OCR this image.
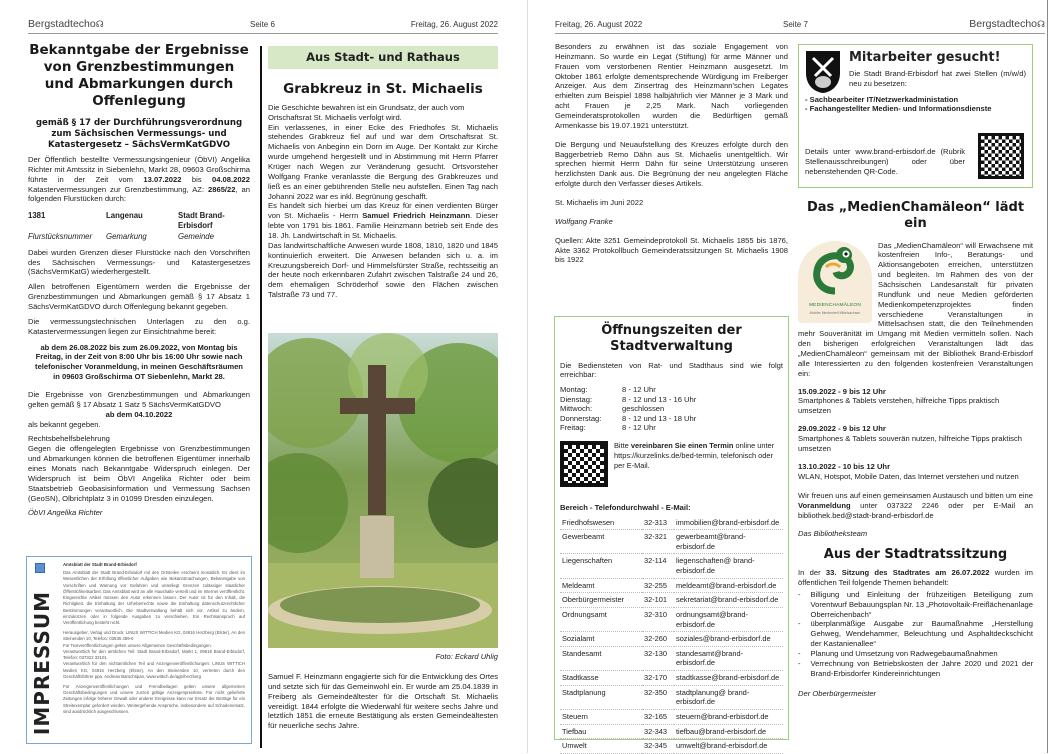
Bergstadtecho☊	Seite 6	Freitag, 26. August 2022
Bekanntgabe der Ergebnisse von Grenzbestimmungen und Abmarkungen durch Offenlegung
gemäß § 17 der Durchführungsverordnung zum Sächsischen Vermessungs- und Katastergesetz – SächsVermKatGDVO

Der Öffentlich bestellte Vermessungsingenieur (ÖbVI) Angelika Richter mit Amtssitz in Siebenlehn, Markt 28, 09603 Großschirma führte in der Zeit vom 13.07.2022 bis 04.08.2022 Katastervermessungen zur Grenzbestimmung, AZ: 2865/22, an folgenden Flurstücken durch:

1381	Langenau	Stadt Brand-Erbisdorf
Flurstücksnummer	Gemarkung	Gemeinde

Dabei wurden Grenzen dieser Flurstücke nach den Vorschriften des Sächsischen Vermessungs- und Katastergesetzes (SächsVermKatG) wiederhergestellt.

Allen betroffenen Eigentümern werden die Ergebnisse der Grenzbestimmungen und Abmarkungen gemäß § 17 Absatz 1 SächsVermKatGDVO durch Offenlegung bekannt gegeben.

Die vermessungstechnischen Unterlagen zu den o.g. Katastervermessungen liegen zur Einsichtnahme bereit:

ab dem 26.08.2022 bis zum 26.09.2022, von Montag bis Freitag, in der Zeit von 8:00 Uhr bis 16:00 Uhr sowie nach telefonischer Voranmeldung, in meinen Geschäftsräumen in 09603 Großschirma OT Siebenlehn, Markt 28.

Die Ergebnisse von Grenzbestimmungen und Abmarkungen gelten gemäß § 17 Absatz 1 Satz 5 SächsVermKatGDVO

ab dem 04.10.2022

als bekannt gegeben.

Rechtsbehelfsbelehrung

Gegen die offengelegten Ergebnisse von Grenzbestimmungen und Abmarkungen können die betroffenen Eigentümer innerhalb eines Monats nach Bekanntgabe Widerspruch einlegen. Der Widerspruch ist beim ÖbVI Angelika Richter oder beim Staatsbetrieb Geobasisinformation und Vermessung Sachsen (GeoSN), Olbrichtplatz 3 in 01099 Dresden einzulegen.

ÖbVI Angelika Richter

IMPRESSUM
Amtsblatt der Stadt Brand-Erbisdorf
Das Amtsblatt der Stadt Brand-Erbisdorf mit den Ortsteilen erscheint monatlich. Es dient im Wesentlichen der Erfüllung öffentlicher Aufgaben wie Bekanntmachungen, Bekanntgabe von Vorschriften und Warnung vor Gefahren und unterliegt Grenzen zulässiger staatlicher Öffentlichkeitsarbeit. Das Amtsblatt wird an alle Haushalte verteilt und im Internet veröffentlicht. Eingereichte Artikel müssen den Autor erkennen lassen. Der Autor ist für den Inhalt, die Richtigkeit, die Einhaltung der Urheberrechte sowie die Einhaltung datenschutzrechtlicher Bestimmungen verantwortlich. Die Stadtverwaltung behält sich vor, Artikel zu ändern, einzukürzen oder in folgende Ausgaben zu verschieben. Ein Rechtsanspruch auf Veröffentlichung besteht nicht.
Herausgeber, Verlag und Druck: LINUS WITTICH Medien KG, 04916 Herzberg (Elster), An den Steinenden 10, Telefon: 03535 489-0
Für Textveröffentlichungen gelten unsere Allgemeinen Geschäftsbedingungen.
Verantwortlich für den amtlichen Teil: Stadt Brand-Erbisdorf, Markt 1, 09618 Brand-Erbisdorf, Telefon: 037322 32101
Verantwortlich für den nichtamtlichen Teil und Anzeigenveröffentlichungen: LINUS WITTICH Medien KG, 04916 Herzberg (Elster), An den Steinenden 10, vertreten durch den Geschäftsführer ppa. Andreas Barschtipan, www.wittich.de/agb/herzberg
Für Anzeigenveröffentlichungen und Fremdbeilagen gelten unsere allgemeinen Geschäftsbedingungen und unsere zurzeit gültige Anzeigenpreisliste. Für nicht gelieferte Zeitungen infolge höherer Gewalt oder anderer Ereignisse kann nur Ersatz der Beträge für ein Streitexemplar gefordert werden. Weitergehende Ansprüche, insbesondere auf Schadenersatz, sind ausdrücklich ausgeschlossen.
Aus Stadt- und Rathaus
Grabkreuz in St. Michaelis
Die Geschichte bewahren ist ein Grundsatz, der auch vom Ortschaftsrat St. Michaelis verfolgt wird.

Ein verlassenes, in einer Ecke des Friedhofes St. Michaelis stehendes Grabkreuz fiel auf und war dem Ortschaftsrat St. Michaelis von Anbeginn ein Dorn im Auge. Der Kontakt zur Kirche wurde umgehend hergestellt und in Abstimmung mit Herrn Pfarrer Krüger nach Wegen zur Veränderung gesucht. Ortsvorsteher Wolfgang Franke veranlasste die Bergung des Grabkreuzes und ließ es an einer gebührenden Stelle neu aufstellen. Einen Tag nach Johanni 2022 war es inkl. Begrünung geschafft.

Es handelt sich hierbei um das Kreuz für einen verdienten Bürger von St. Michaelis - Herrn Samuel Friedrich Heinzmann. Dieser lebte von 1791 bis 1861. Familie Heinzmann betrieb seit Ende des 18. Jh. Landwirtschaft in St. Michaelis.

Das landwirtschaftliche Anwesen wurde 1808, 1810, 1820 und 1845 kontinuierlich erweitert. Die Anwesen befanden sich u. a. im Kreuzungsbereich Dorf- und Himmelsfürster Straße, rechtsseitig an der heute noch erkennbaren Zufahrt zwischen Talstraße 24 und 26, dem ehemaligen Schröderhof sowie den Flächen zwischen Talstraße 73 und 77.

Foto: Eckard Uhlig

Samuel F. Heinzmann engagierte sich für die Entwicklung des Ortes und setzte sich für das Gemeinwohl ein. Er wurde am 25.04.1839 in Freiberg als Gemeindeältester für die Ortschaft St. Michaelis vereidigt. 1844 erfolgte die Wiederwahl für weitere sechs Jahre und letztlich 1851 die erneute Bestätigung als ersten Gemeindeältesten für neuerliche sechs Jahre.

Freitag, 26. August 2022	Seite 7	Bergstadtecho☊

Besonders zu erwähnen ist das soziale Engagement von Heinzmann. So wurde ein Legat (Stiftung) für arme Männer und Frauen vom verstorbenen Rentier Heinzmann ausgesetzt. Im Oktober 1861 erfolgte dementsprechende Würdigung im Freiberger Anzeiger. Aus dem Zinsertrag des Heinzmann'schen Legates erhielten zum Beispiel 1898 halbjährlich vier Männer je 3 Mark und acht Frauen je 2,25 Mark. Nach vorliegenden Gemeinderatsprotokollen wurden die Bedürftigen gemäß Armenkasse bis 19.07.1921 unterstützt.

Die Bergung und Neuaufstellung des Kreuzes erfolgte durch den Baggerbetrieb Remo Dähn aus St. Michaelis unentgeltlich. Wir sprechen hiermit Herrn Dähn für seine Unterstützung unseren herzlichsten Dank aus. Die Begrünung der neu angelegten Fläche erfolgte durch den Verfasser dieses Artikels.

St. Michaelis im Juni 2022

Wolfgang Franke

Quellen: Akte 3251 Gemeindeprotokoll St. Michaelis 1855 bis 1876, Akte 3362 Protokollbuch Gemeinderatssitzungen St. Michaelis 1908 bis 1922

Öffnungszeiten der Stadtverwaltung

Die Bediensteten von Rat- und Stadthaus sind wie folgt erreichbar:

Montag:	8 - 12 Uhr
Dienstag:	8 - 12 und 13 - 16 Uhr
Mittwoch:	geschlossen
Donnerstag:	8 - 12 und 13 - 18 Uhr
Freitag:	8 - 12 Uhr
Bitte vereinbaren Sie einen Termin online unter https://kurzelinks.de/bed-termin, telefonisch oder per E-Mail.
Bereich - Telefondurchwahl - E-Mail:
Friedhofswesen	32-313	immobilien@brand-erbisdorf.de
Gewerbeamt	32-321	gewerbeamt@brand-erbisdorf.de
Liegenschaften	32-114	liegenschaften@ brand-erbisdorf.de
Meldeamt	32-255	meldeamt@brand-erbisdorf.de
Oberbürgermeister	32-101	sekretariat@brand-erbisdorf.de
Ordnungsamt	32-310	ordnungsamt@brand-erbisdorf.de
Sozialamt	32-260	soziales@brand-erbisdorf.de
Standesamt	32-130	standesamt@brand-erbisdorf.de
Stadtkasse	32-170	stadtkasse@brand-erbisdorf.de
Stadtplanung	32-350	stadtplanung@ brand-erbisdorf.de
Steuern	32-165	steuern@brand-erbisdorf.de
Tiefbau	32-343	tiefbau@brand-erbisdorf.de
Umwelt	32-345	umwelt@brand-erbisdorf.de
Mitarbeiter gesucht!

Die Stadt Brand-Erbisdorf hat zwei Stellen (m/w/d) neu zu besetzen:

- Sachbearbeiter IT/Netzwerkadministation
- Fachangestellter Medien- und Informationsdienste

Details unter www.brand-erbisdorf.de (Rubrik Stellenausschreibungen) oder über nebenstehenden QR-Code.

Das „MedienChamäleon“ lädt ein
MEDIENCHAMÄLEON
Mobiler Medientreff Mittelsachsen

Das „MedienChamäleon“ will Erwachsene mit kostenfreien Info-, Beratungs- und Aktionsangeboten erreichen, unterstützen und begleiten. Im Rahmen des von der Sächsischen Landesanstalt für privaten Rundfunk und neue Medien geförderten Medienkompetenzprojektes finden verschiedene Veranstaltungen in Mittelsachsen statt, die den Teilnehmenden mehr Souveränität im Umgang mit Medien vermitteln sollen. Nach den bisherigen erfolgreichen Veranstaltungen lädt das „MedienChamäleon“ gemeinsam mit der Bibliothek Brand-Erbisdorf alle Interessierten zu den folgenden kostenfreien Veranstaltungen ein:

15.09.2022 - 9 bis 12 Uhr
Smartphones & Tablets verstehen, hilfreiche Tipps praktisch umsetzen
29.09.2022 - 9 bis 12 Uhr
Smartphones & Tablets souverän nutzen, hilfreiche Tipps praktisch umsetzen
13.10.2022 - 10 bis 12 Uhr
WLAN, Hotspot, Mobile Daten, das Internet verstehen und nutzen

Wir freuen uns auf einen gemeinsamen Austausch und bitten um eine Voranmeldung unter 037322 2246 oder per E-Mail an bibliothek.bed@stadt-brand-erbisdorf.de

Das Bibliotheksteam

Aus der Stadtratssitzung

In der 33. Sitzung des Stadtrates am 26.07.2022 wurden im öffentlichen Teil folgende Themen behandelt:

- Billigung und Einleitung der frühzeitigen Beteiligung zum Vorentwurf Bebauungsplan Nr. 13 „Photovoltaik-Freiflächenanlage Oberreichenbach“
- überplanmäßige Ausgabe zur Baumaßnahme „Herstellung Gehweg, Wendehammer, Beleuchtung und Asphaltdeckschicht der Kastanienallee“
- Planung und Umsetzung von Radwegebaumaßnahmen
- Verrechnung von Betriebskosten der Jahre 2020 und 2021 der Brand-Erbisdorfer Kindereinrichtungen

Der Oberbürgermeister
